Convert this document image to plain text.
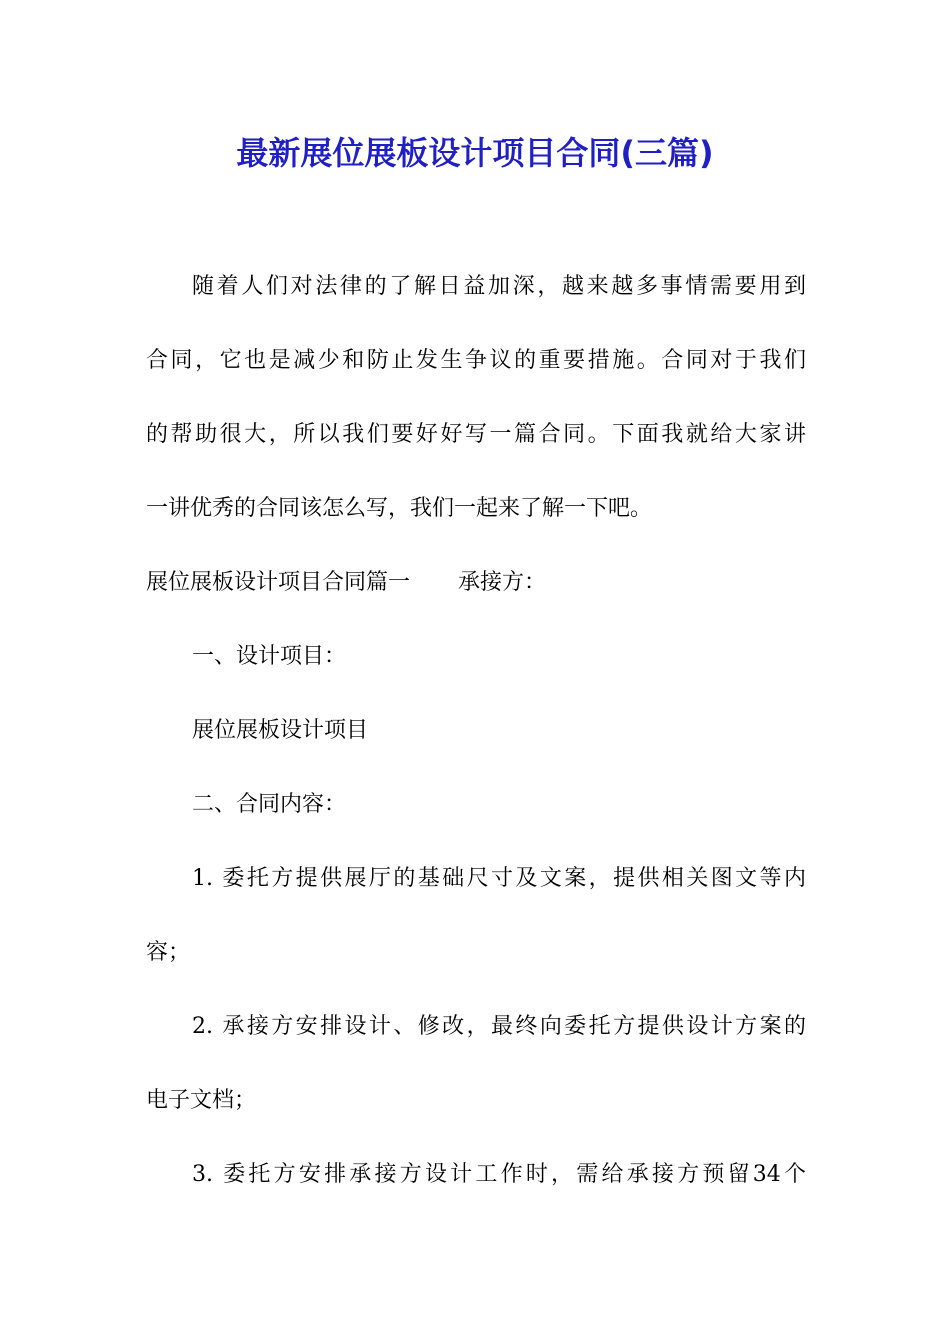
最新展位展板设计项目合同(三篇)
随着人们对法律的了解日益加深，越来越多事情需要用到
合同，它也是减少和防止发生争议的重要措施。合同对于我们
的帮助很大，所以我们要好好写一篇合同。下面我就给大家讲
一讲优秀的合同该怎么写，我们一起来了解一下吧。
展位展板设计项目合同篇一 承接方：
一、设计项目：
展位展板设计项目
二、合同内容：
1. 委托方提供展厅的基础尺寸及文案，提供相关图文等内
容；
2. 承接方安排设计、修改，最终向委托方提供设计方案的
电子文档；
3. 委托方安排承接方设计工作时，需给承接方预留34个
